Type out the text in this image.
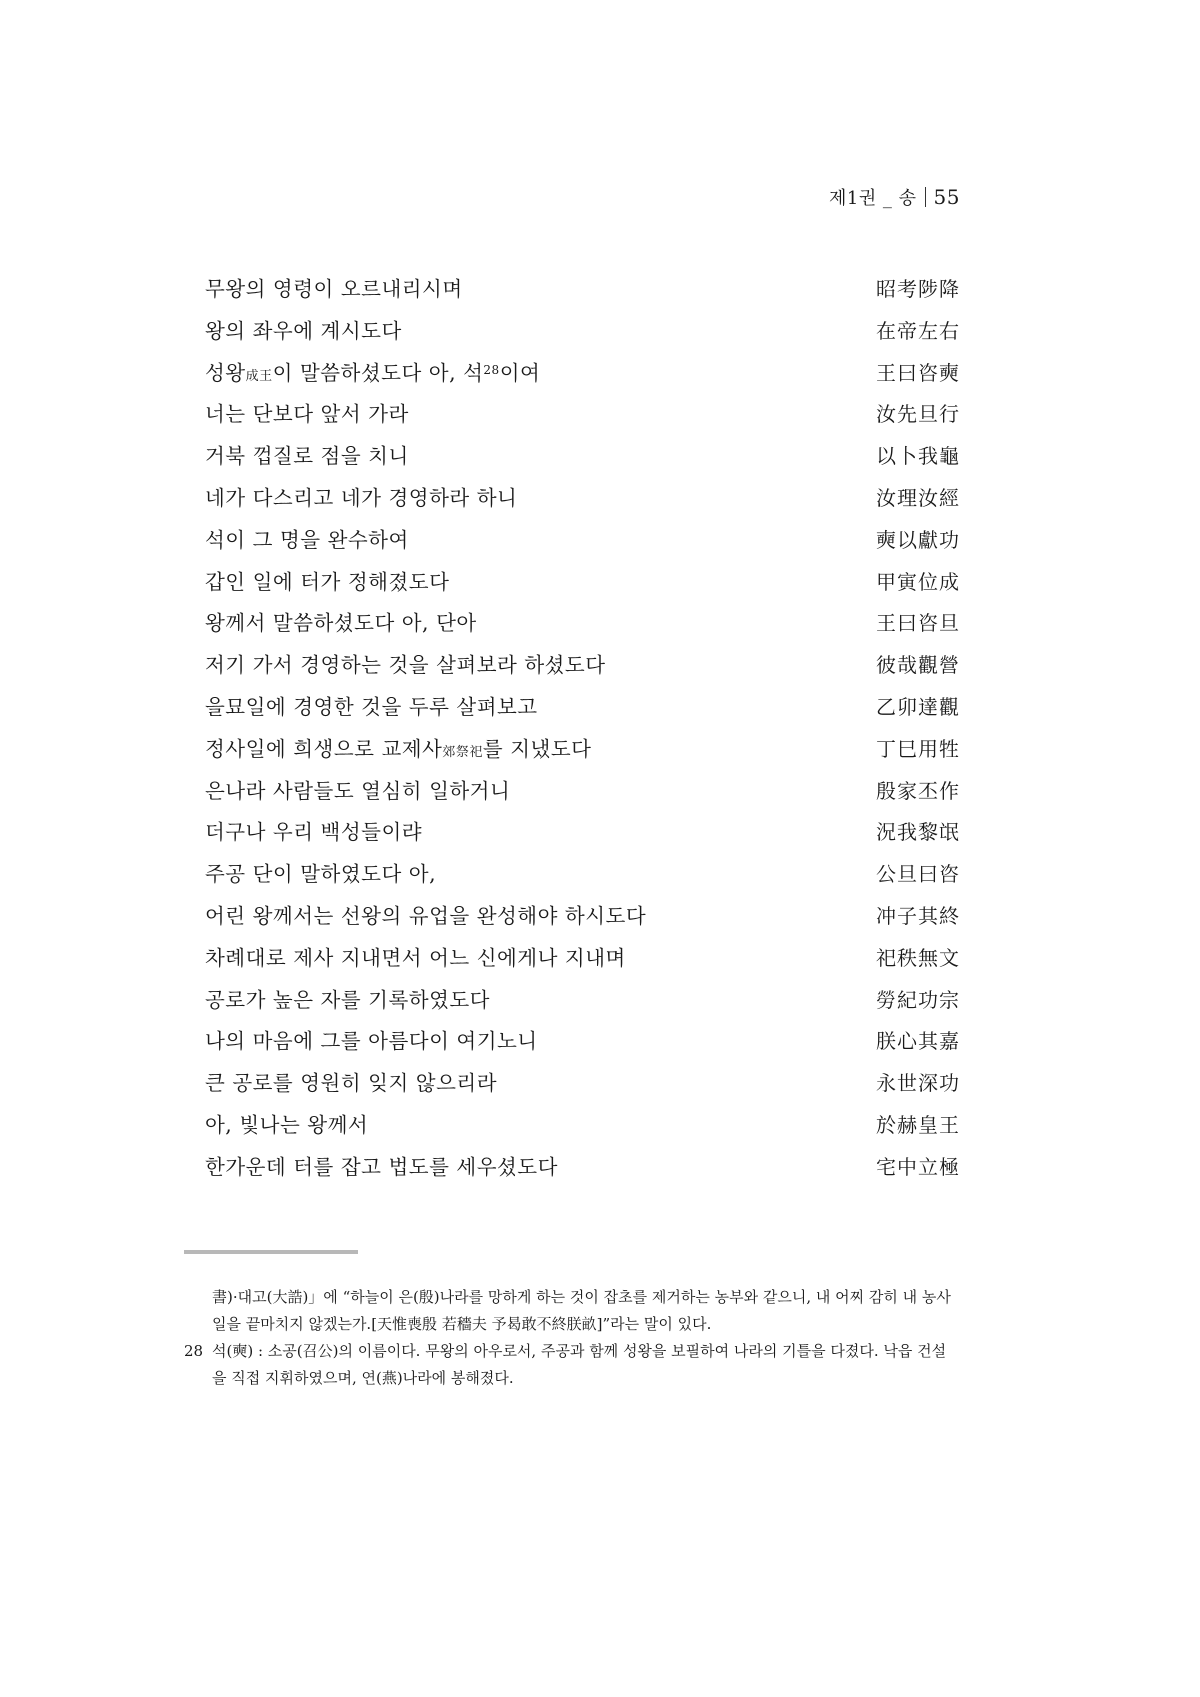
제1권 _ 송 55
무왕의 영령이 오르내리시며	昭考陟降
왕의 좌우에 계시도다	在帝左右
성왕成王이 말씀하셨도다 아, 석$^{28}$이여	王曰咨奭
너는 단보다 앞서 가라	汝先旦行
거북 껍질로 점을 치니	以卜我龜
네가 다스리고 네가 경영하라 하니	汝理汝經
석이 그 명을 완수하여	奭以獻功
갑인 일에 터가 정해졌도다	甲寅位成
왕께서 말씀하셨도다 아, 단아	王曰咨旦
저기 가서 경영하는 것을 살펴보라 하셨도다	彼哉觀營
을묘일에 경영한 것을 두루 살펴보고	乙卯達觀
정사일에 희생으로 교제사郊祭祀를 지냈도다	丁巳用牲
은나라 사람들도 열심히 일하거니	殷家丕作
더구나 우리 백성들이랴	況我黎氓
주공 단이 말하였도다 아,	公旦曰咨
어린 왕께서는 선왕의 유업을 완성해야 하시도다	冲子其終
차례대로 제사 지내면서 어느 신에게나 지내며	祀秩無文
공로가 높은 자를 기록하였도다	勞紀功宗
나의 마음에 그를 아름다이 여기노니	朕心其嘉
큰 공로를 영원히 잊지 않으리라	永世深功
아, 빛나는 왕께서	於赫皇王
한가운데 터를 잡고 법도를 세우셨도다	宅中立極
書)·대고(大誥)」에 “하늘이 은(殷)나라를 망하게 하는 것이 잡초를 제거하는 농부와 같으니, 내 어찌 감히 내 농사일을 끝마치지 않겠는가.[天惟喪殷 若穡夫 予曷敢不終朕畝]”라는 말이 있다.
28 석(奭) : 소공(召公)의 이름이다. 무왕의 아우로서, 주공과 함께 성왕을 보필하여 나라의 기틀을 다졌다. 낙읍 건설을 직접 지휘하였으며, 연(燕)나라에 봉해졌다.
